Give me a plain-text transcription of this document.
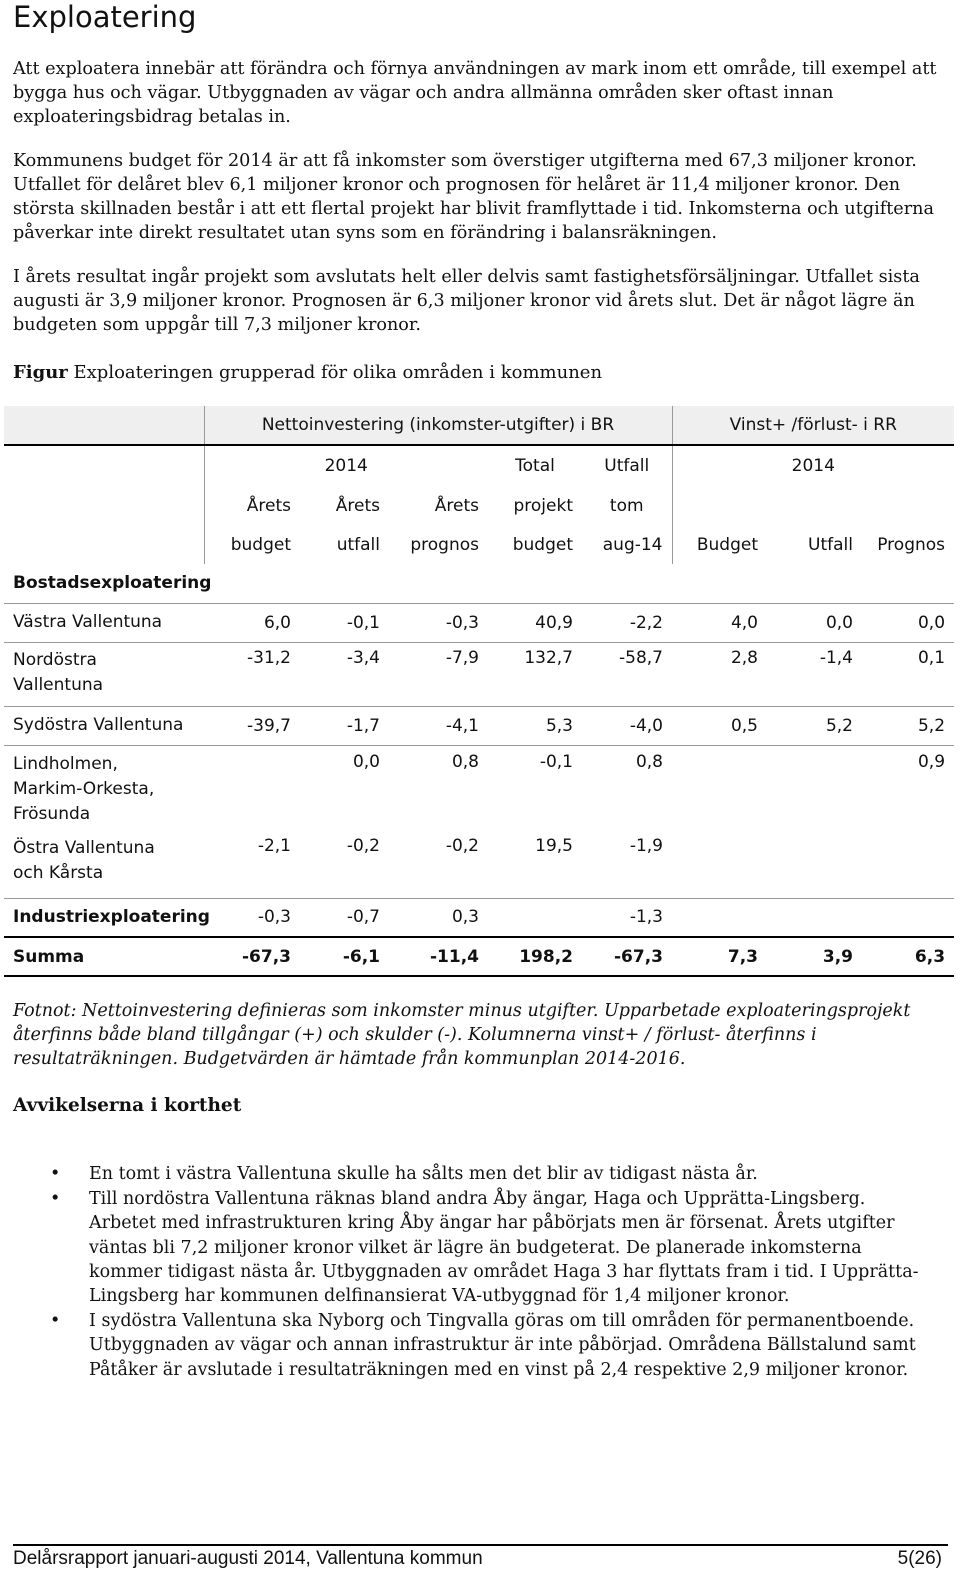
Exploatering
Att exploatera innebär att förändra och förnya användningen av mark inom ett område, till exempel att bygga hus och vägar. Utbyggnaden av vägar och andra allmänna områden sker oftast innan exploateringsbidrag betalas in.
Kommunens budget för 2014 är att få inkomster som överstiger utgifterna med 67,3 miljoner kronor. Utfallet för delåret blev 6,1 miljoner kronor och prognosen för helåret är 11,4 miljoner kronor. Den största skillnaden består i att ett flertal projekt har blivit framflyttade i tid. Inkomsterna och utgifterna påverkar inte direkt resultatet utan syns som en förändring i balansräkningen.
I årets resultat ingår projekt som avslutats helt eller delvis samt fastighetsförsäljningar. Utfallet sista augusti är 3,9 miljoner kronor. Prognosen är 6,3 miljoner kronor vid årets slut. Det är något lägre än budgeten som uppgår till 7,3 miljoner kronor.
Figur Exploateringen grupperad för olika områden i kommunen
	Nettoinvestering (inkomster-utgifter) i BR					Vinst+ /förlust- i RR		
	2014			Total	Utfall	2014		
	Årets	Årets	Årets	projekt	tom			
	budget	utfall	prognos	budget	aug-14	Budget	Utfall	Prognos
Bostadsexploatering								
Västra Vallentuna	6,0	-0,1	-0,3	40,9	-2,2	4,0	0,0	0,0
Nordöstra Vallentuna	-31,2	-3,4	-7,9	132,7	-58,7	2,8	-1,4	0,1
Sydöstra Vallentuna	-39,7	-1,7	-4,1	5,3	-4,0	0,5	5,2	5,2
Lindholmen, Markim-Orkesta, Frösunda		0,0	0,8	-0,1	0,8			0,9
Östra Vallentuna och Kårsta	-2,1	-0,2	-0,2	19,5	-1,9			
Industriexploatering	-0,3	-0,7	0,3		-1,3			
Summa	-67,3	-6,1	-11,4	198,2	-67,3	7,3	3,9	6,3
Fotnot: Nettoinvestering definieras som inkomster minus utgifter. Upparbetade exploateringsprojekt återfinns både bland tillgångar (+) och skulder (-). Kolumnerna vinst+ / förlust- återfinns i resultaträkningen. Budgetvärden är hämtade från kommunplan 2014-2016.
Avvikelserna i korthet
• En tomt i västra Vallentuna skulle ha sålts men det blir av tidigast nästa år.
• Till nordöstra Vallentuna räknas bland andra Åby ängar, Haga och Upprätta-Lingsberg. Arbetet med infrastrukturen kring Åby ängar har påbörjats men är försenat. Årets utgifter väntas bli 7,2 miljoner kronor vilket är lägre än budgeterat. De planerade inkomsterna kommer tidigast nästa år. Utbyggnaden av området Haga 3 har flyttats fram i tid. I Upprätta-Lingsberg har kommunen delfinansierat VA-utbyggnad för 1,4 miljoner kronor.
• I sydöstra Vallentuna ska Nyborg och Tingvalla göras om till områden för permanentboende. Utbyggnaden av vägar och annan infrastruktur är inte påbörjad. Områdena Bällstalund samt Påtåker är avslutade i resultaträkningen med en vinst på 2,4 respektive 2,9 miljoner kronor.
Delårsrapport januari-augusti 2014, Vallentuna kommun	5(26)
